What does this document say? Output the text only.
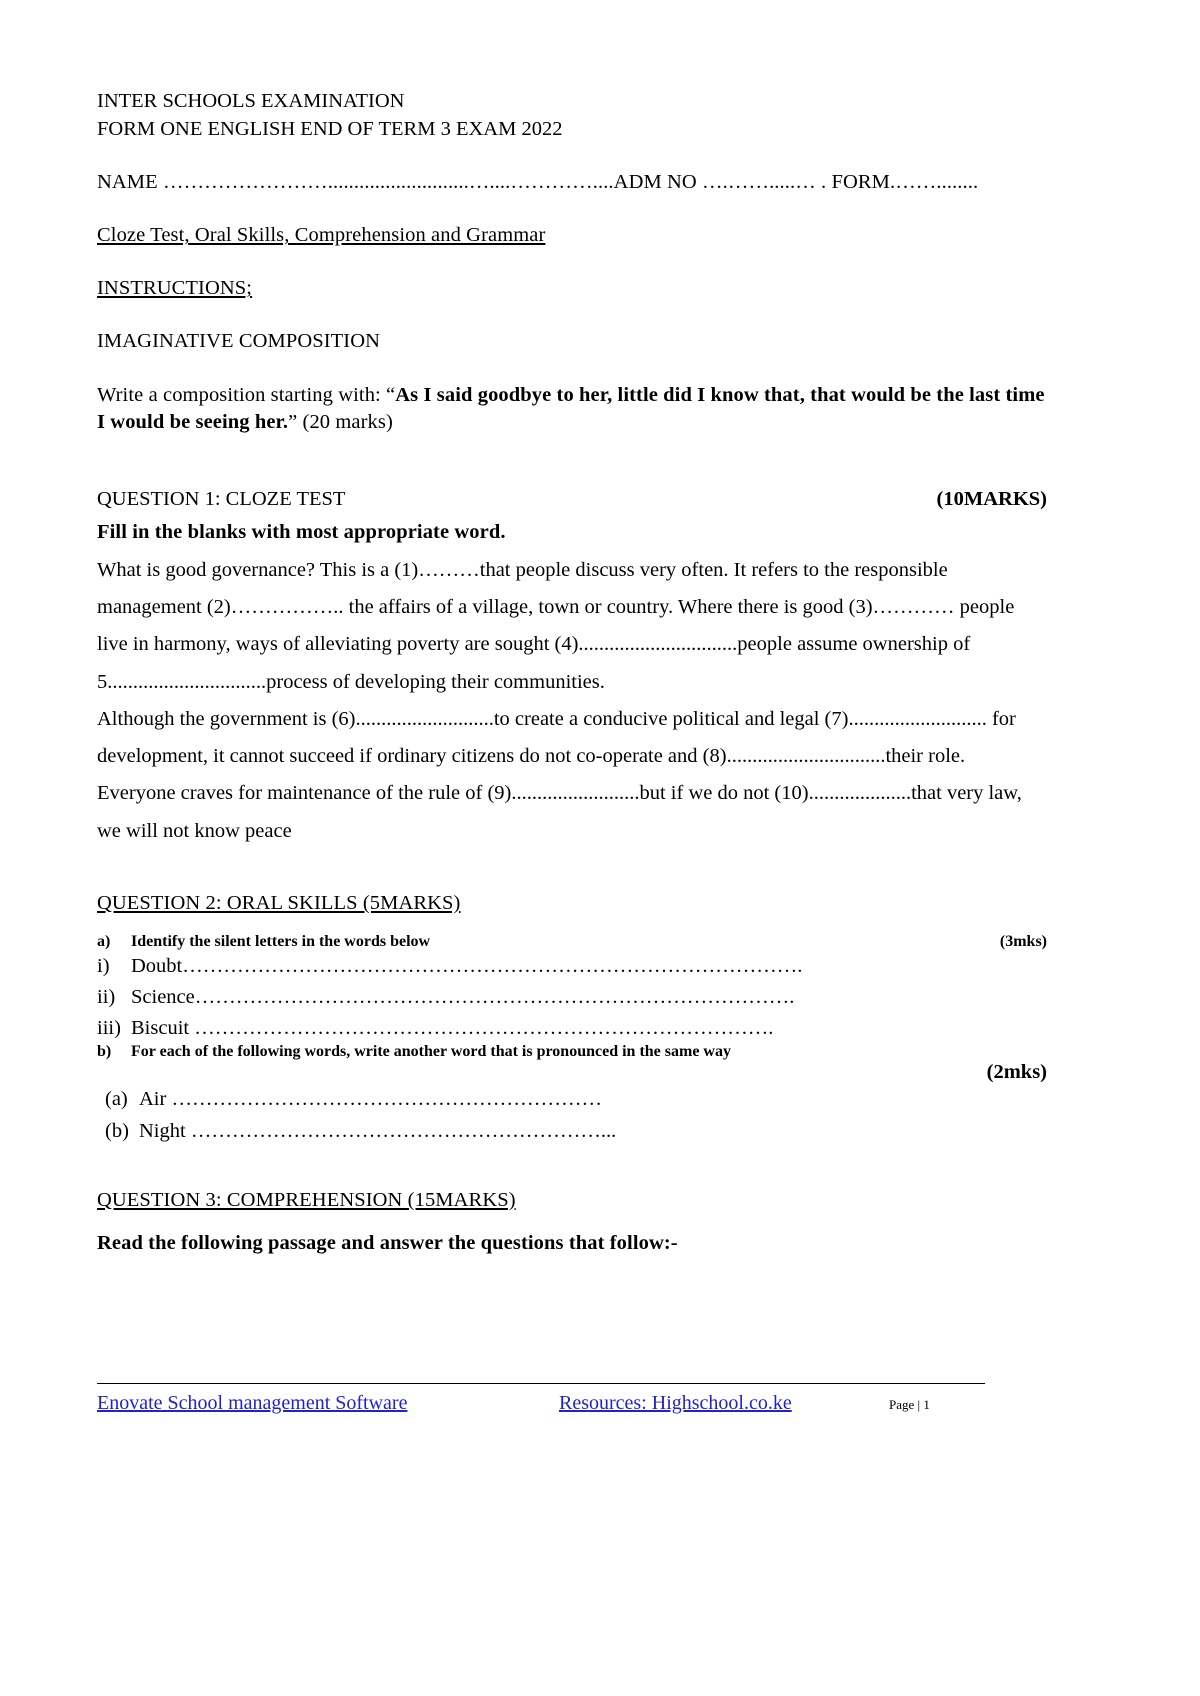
INTER SCHOOLS EXAMINATION
FORM ONE ENGLISH END OF TERM 3 EXAM 2022
NAME ……………………...........................…....…………....ADM NO ….…….....… . FORM.……........
Cloze Test, Oral Skills, Comprehension and Grammar
INSTRUCTIONS;
IMAGINATIVE COMPOSITION
Write a composition starting with: “As I said goodbye to her, little did I know that, that would be the last time I would be seeing her.” (20 marks)
QUESTION 1: CLOZE TEST	(10MARKS)
Fill in the blanks with most appropriate word.

What is good governance? This is a (1)………that people discuss very often. It refers to the responsible management (2)…………….. the affairs of a village, town or country. Where there is good (3)………… people live in harmony, ways of alleviating poverty are sought (4)...............................people assume ownership of 5...............................process of developing their communities.

Although the government is (6)...........................to create a conducive political and legal (7)........................... for development, it cannot succeed if ordinary citizens do not co-operate and (8)...............................their role. Everyone craves for maintenance of the rule of (9).........................but if we do not (10)....................that very law, we will not know peace

QUESTION 2: ORAL SKILLS (5MARKS)
a)	Identify the silent letters in the words below	(3mks)
i)	Doubt……………………………………………………………………………….
ii) Science…………………………………………………………………………….
iii) Biscuit ………………………………………………………………………….
b)	For each of the following words, write another word that is pronounced in the same way
(2mks)
(a) Air ………………………………………………………
(b) Night ……………………………………………………...
QUESTION 3: COMPREHENSION (15MARKS)
Read the following passage and answer the questions that follow:-
Enovate School management Software	Resources: Highschool.co.ke	Page | 1
